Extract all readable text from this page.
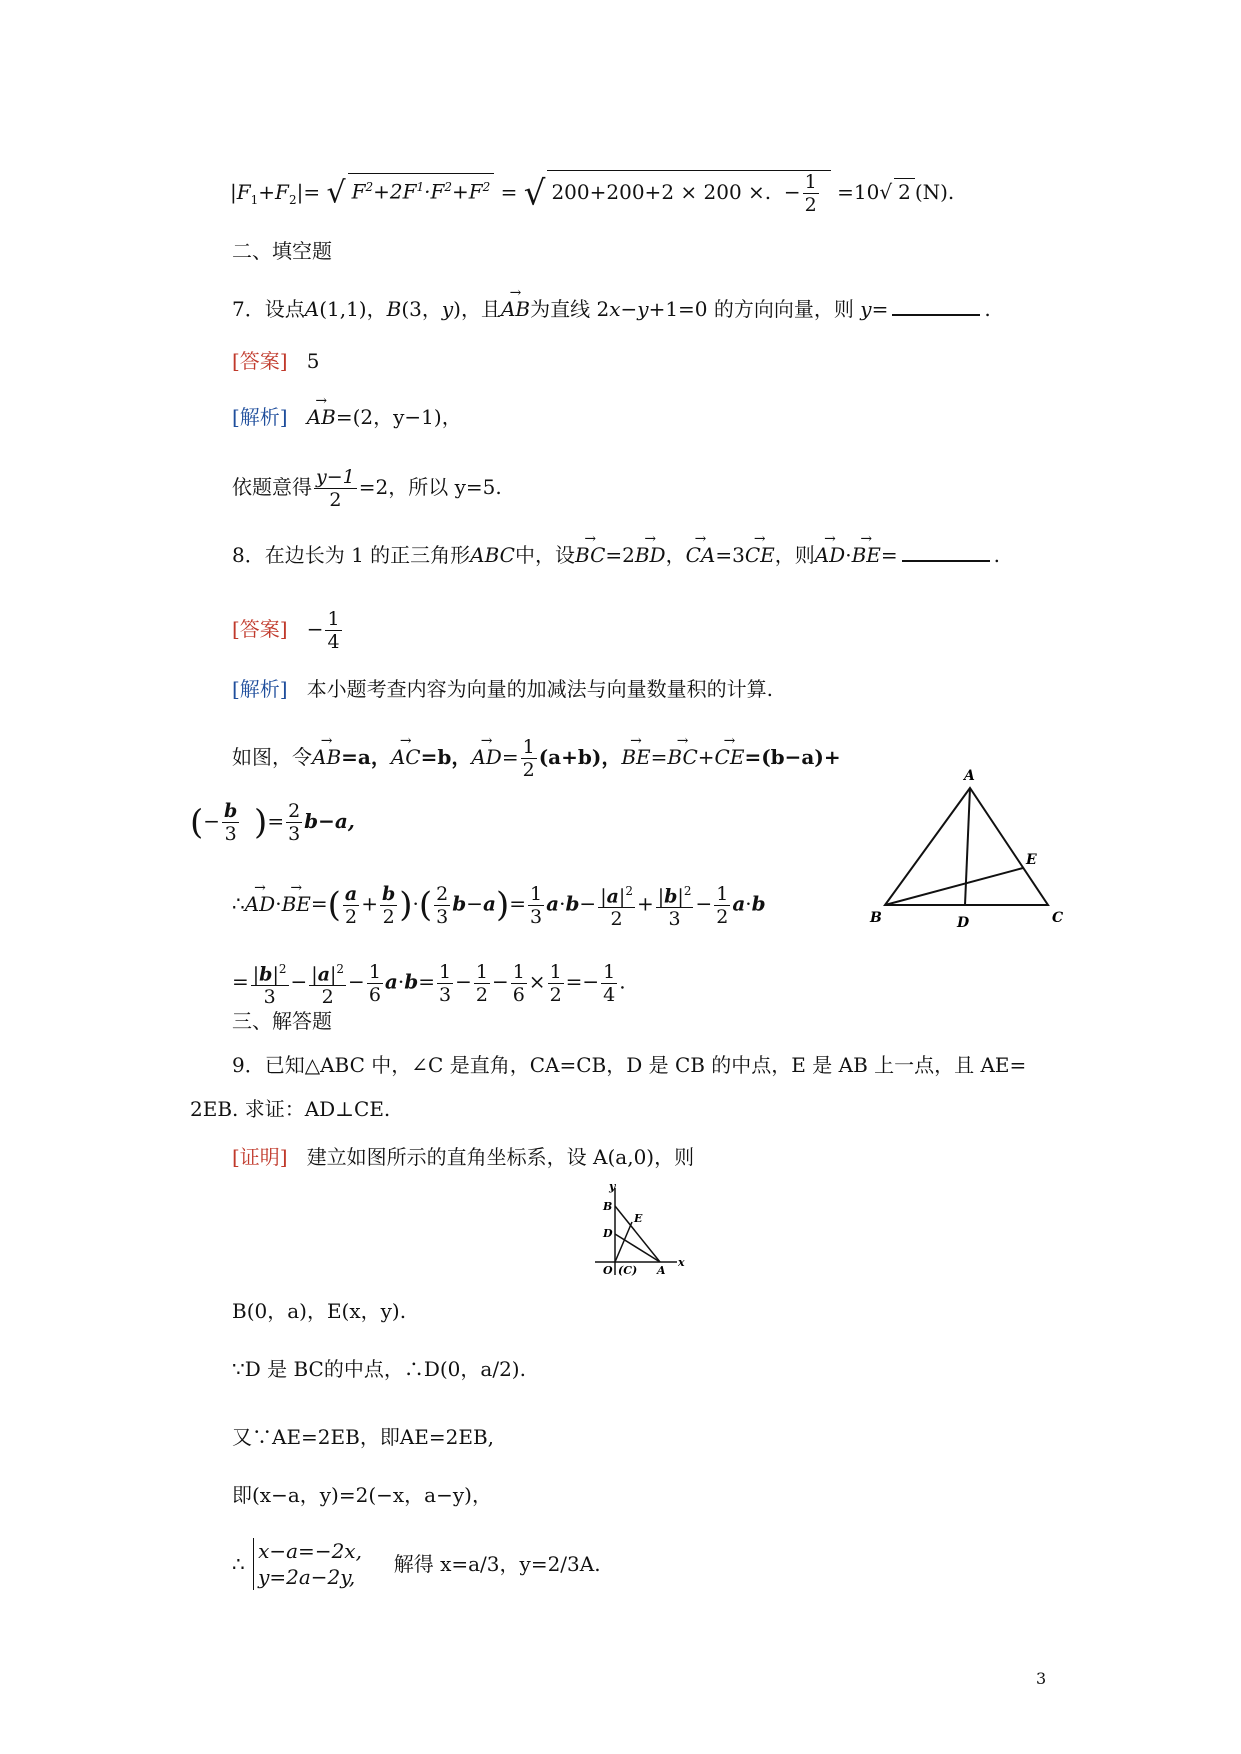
$|F_1+F_2|=$ √ $F^2+2F^1\cdot F^2+F^2$ = √ 200+200+2 × 200 ×. − $\frac{1}{2} =10√$ 2 (N).
二、填空题
7．设点A(1,1)，B(3，y)，且→ AB为直线 2x−y+1=0 的方向向量，则 y=	.
[答案] 5
[解析]   → AB=(2，y−1)，
依题意得 $\frac{y-1}{2} =2$，所以 y=5.
8．在边长为 1 的正三角形ABC中，设→ BC=2→ BD，→ CA=3→ CE，则→ AD·→ BE=	.
[答案] − $\frac{1}{4}$
[解析] 本小题考查内容为向量的加减法与向量数量积的计算.
如图，令→ AB=a，→ AC=b，→ $AD= \frac{1}{2} (a+b)$，→ BE=→ BC+→ CE=(b−a)+
(− $\frac{b}{3}$ )= $\frac{2}{3} b-a$,
∴→ $AD\cdot\to BE=( \frac{a}{2} + \frac{b}{2}$ )·( $\frac{2}{3} b-a)= \frac{1}{3} a\cdot b- \frac{|a|^2}{2} + \frac{|b|^2}{3} - \frac{1}{2} a\cdot b$
= $\frac{|b|^2}{3} - \frac{|a|^2}{2} - \frac{1}{6} a\cdot b= \frac{1}{3} - \frac{1}{2} - \frac{1}{6} \times \frac{1}{2} =- \frac{1}{4}$ .
A
B	C
D
E
三、解答题
9．已知△ABC 中，∠C 是直角，CA=CB，D 是 CB 的中点，E 是 AB 上一点，且 AE=
2EB. 求证：AD⊥CE.
[证明] 建立如图所示的直角坐标系，设 A(a,0)，则
y
B
E
D
O (C) A
x
B(0，a)，E(x，y).
∵D 是 BC的中点，∴D(0，a/2).
又∵AE=2EB，即AE=2EB,
即(x−a，y)=2(−x，a−y)，
∴
x−a=−2x,
y=2a−2y,
解得 x=a/3，y=2/3A.
3
